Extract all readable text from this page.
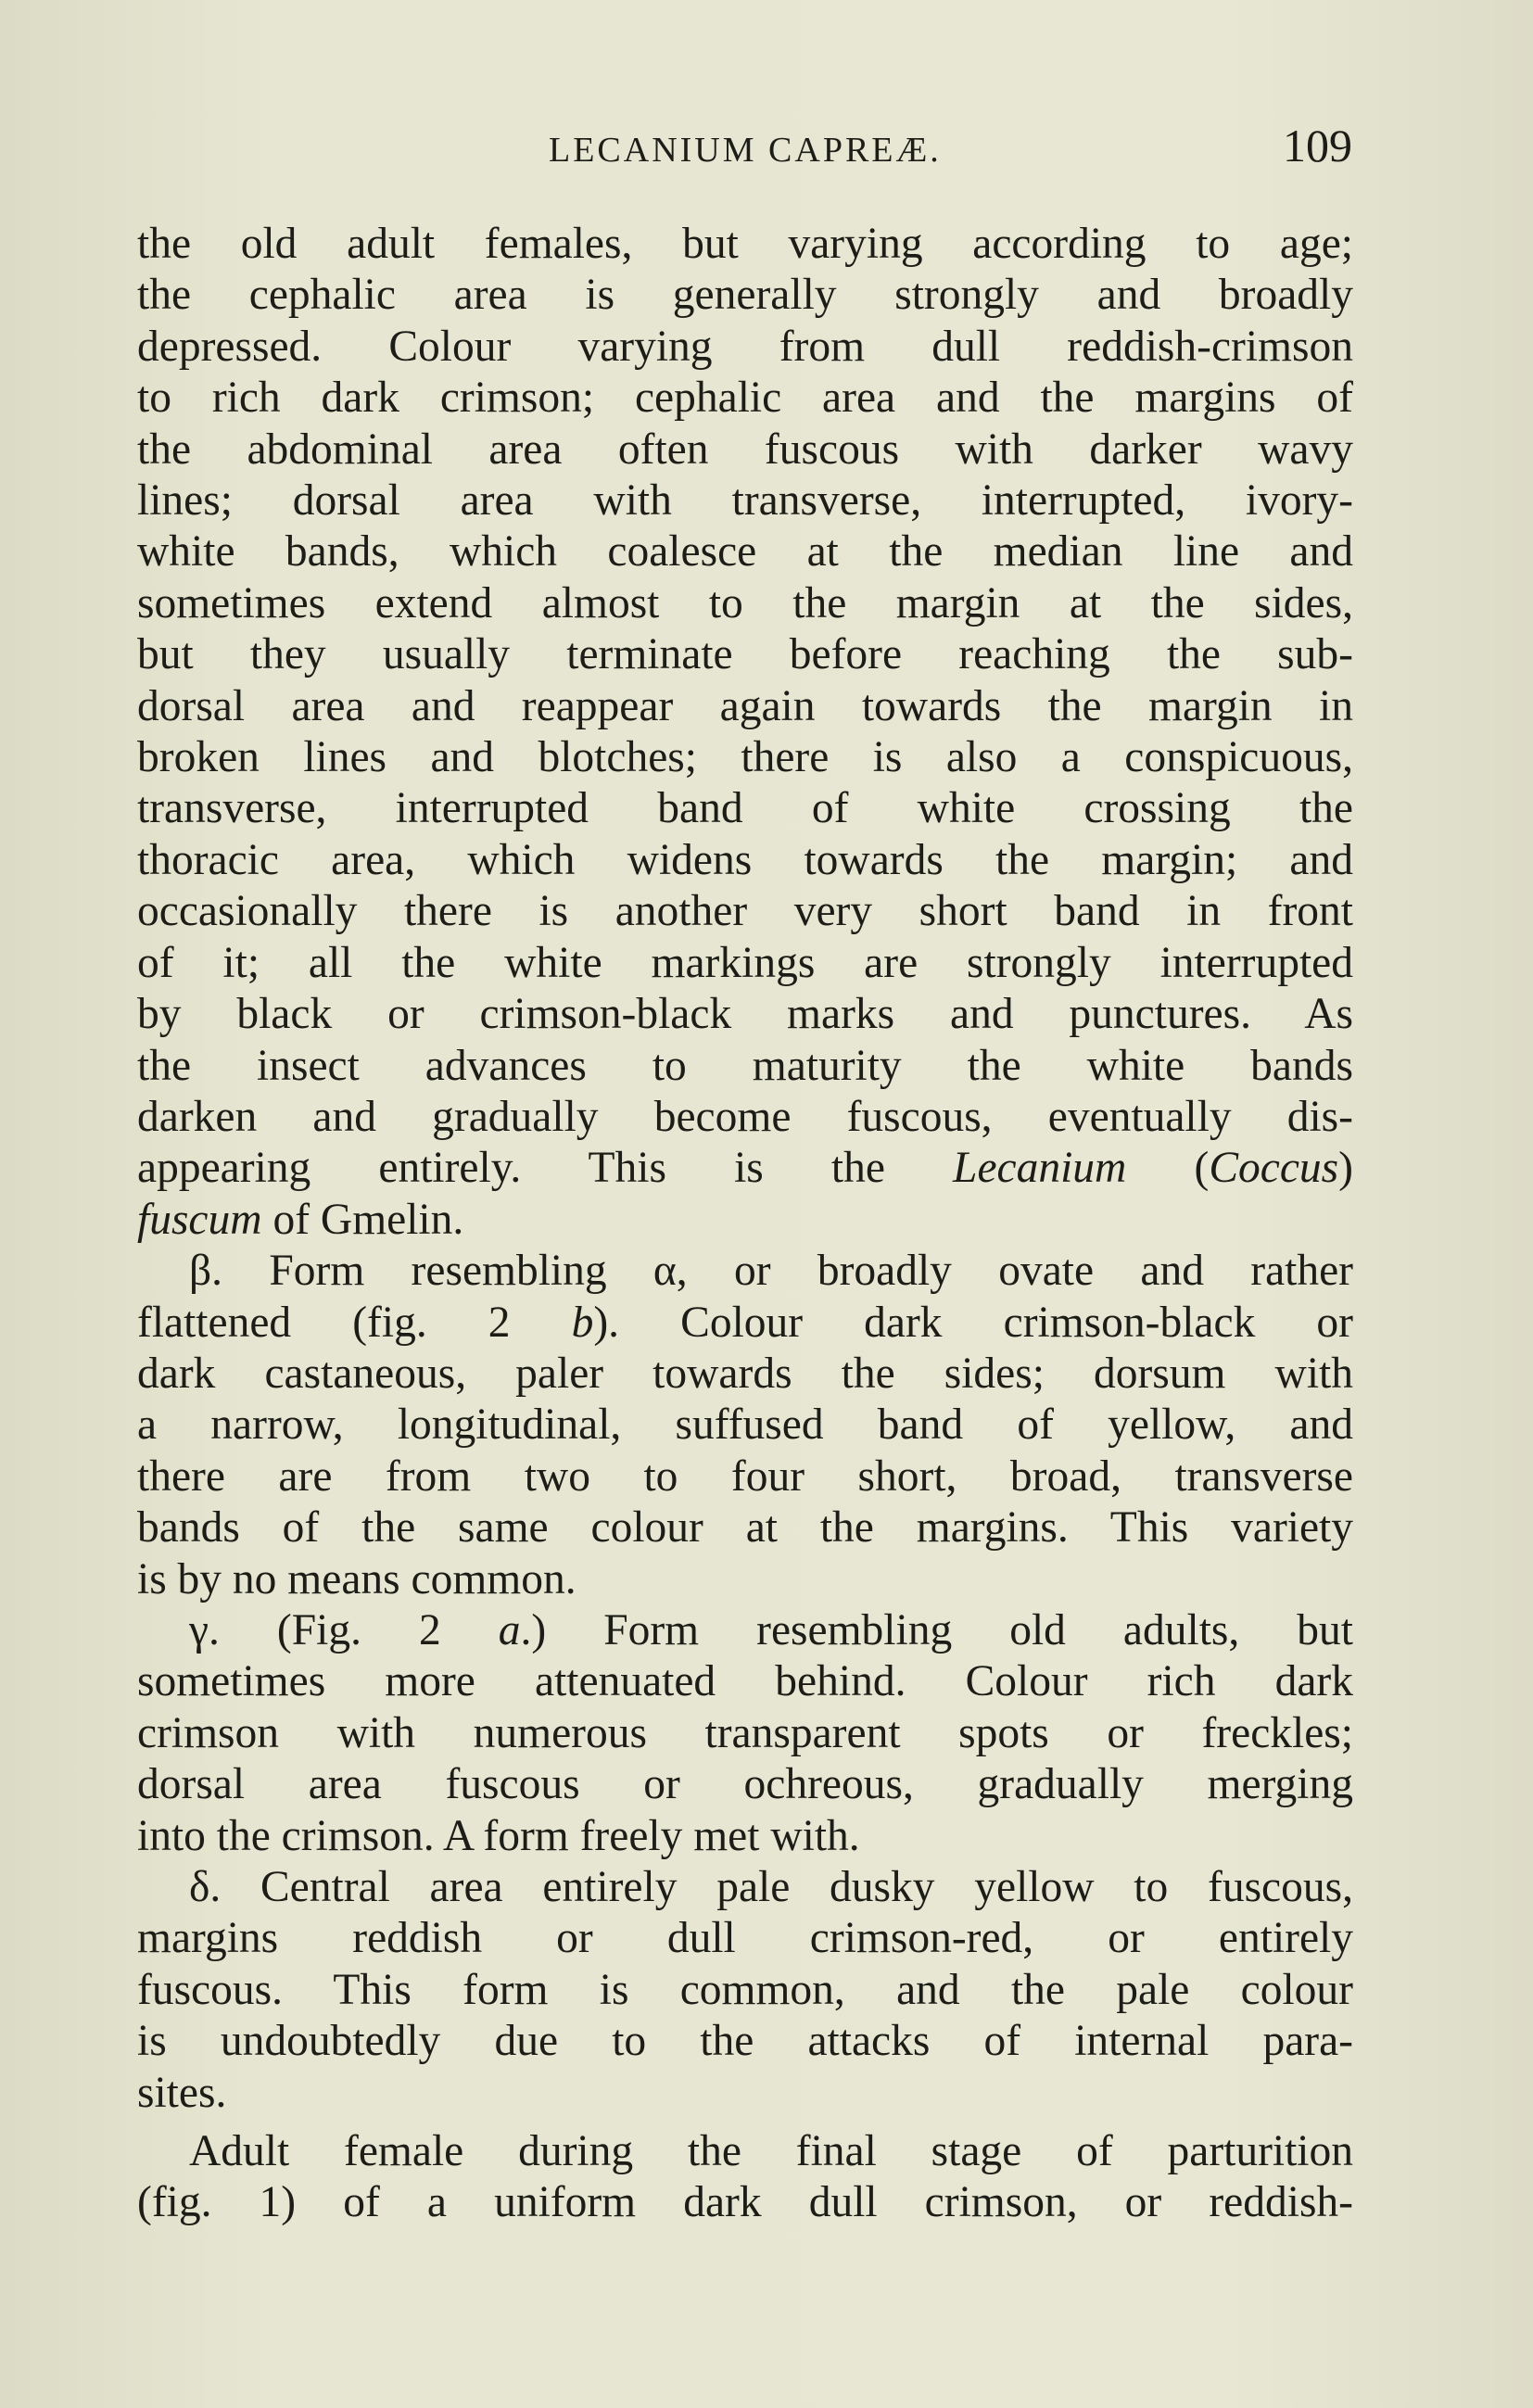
LECANIUM CAPREÆ.	109
the old adult females, but varying according to age;
the cephalic area is generally strongly and broadly
depressed. Colour varying from dull reddish-crimson
to rich dark crimson; cephalic area and the margins of
the abdominal area often fuscous with darker wavy
lines; dorsal area with transverse, interrupted, ivory-
white bands, which coalesce at the median line and
sometimes extend almost to the margin at the sides,
but they usually terminate before reaching the sub-
dorsal area and reappear again towards the margin in
broken lines and blotches; there is also a conspicuous,
transverse, interrupted band of white crossing the
thoracic area, which widens towards the margin; and
occasionally there is another very short band in front
of it; all the white markings are strongly interrupted
by black or crimson-black marks and punctures. As
the insect advances to maturity the white bands
darken and gradually become fuscous, eventually dis-
appearing entirely. This is the Lecanium (Coccus)
fuscum of Gmelin.
β. Form resembling α, or broadly ovate and rather
flattened (fig. 2 b). Colour dark crimson-black or
dark castaneous, paler towards the sides; dorsum with
a narrow, longitudinal, suffused band of yellow, and
there are from two to four short, broad, transverse
bands of the same colour at the margins. This variety
is by no means common.
γ. (Fig. 2 a.) Form resembling old adults, but
sometimes more attenuated behind. Colour rich dark
crimson with numerous transparent spots or freckles;
dorsal area fuscous or ochreous, gradually merging
into the crimson. A form freely met with.
δ. Central area entirely pale dusky yellow to fuscous,
margins reddish or dull crimson-red, or entirely
fuscous. This form is common, and the pale colour
is undoubtedly due to the attacks of internal para-
sites.
Adult female during the final stage of parturition
(fig. 1) of a uniform dark dull crimson, or reddish-
